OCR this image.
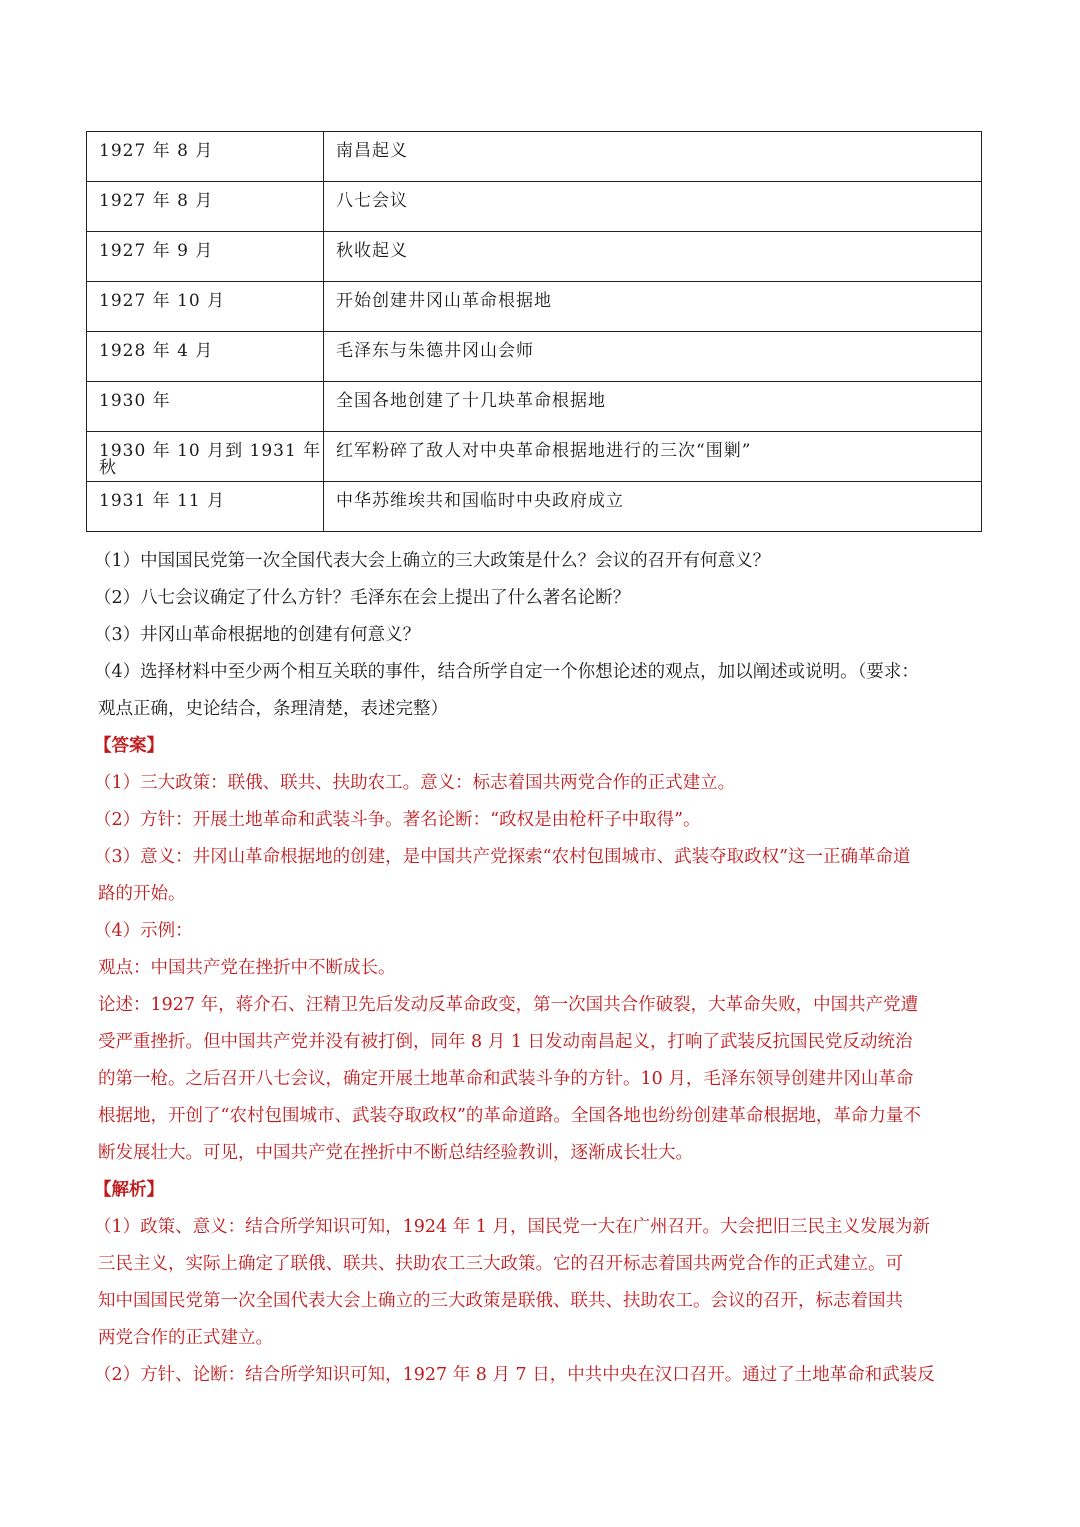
1927 年 8 月	南昌起义

1927 年 8 月	八七会议

1927 年 9 月	秋收起义

1927 年 10 月	开始创建井冈山革命根据地

1928 年 4 月	毛泽东与朱德井冈山会师

1930 年	全国各地创建了十几块革命根据地

1930 年 10 月到 1931 年秋	红军粉碎了敌人对中央革命根据地进行的三次“围剿”

1931 年 11 月	中华苏维埃共和国临时中央政府成立

（1）中国国民党第一次全国代表大会上确立的三大政策是什么？会议的召开有何意义？

（2）八七会议确定了什么方针？毛泽东在会上提出了什么著名论断？

（3）井冈山革命根据地的创建有何意义？

（4）选择材料中至少两个相互关联的事件，结合所学自定一个你想论述的观点，加以阐述或说明。（要求：

观点正确，史论结合，条理清楚，表述完整）

【答案】

（1）三大政策：联俄、联共、扶助农工。意义：标志着国共两党合作的正式建立。

（2）方针：开展土地革命和武装斗争。著名论断：“政权是由枪杆子中取得”。

（3）意义：井冈山革命根据地的创建，是中国共产党探索“农村包围城市、武装夺取政权”这一正确革命道

路的开始。

（4）示例：

观点：中国共产党在挫折中不断成长。

论述：1927 年，蒋介石、汪精卫先后发动反革命政变，第一次国共合作破裂，大革命失败，中国共产党遭

受严重挫折。但中国共产党并没有被打倒，同年 8 月 1 日发动南昌起义，打响了武装反抗国民党反动统治

的第一枪。之后召开八七会议，确定开展土地革命和武装斗争的方针。10 月，毛泽东领导创建井冈山革命

根据地，开创了“农村包围城市、武装夺取政权”的革命道路。全国各地也纷纷创建革命根据地，革命力量不

断发展壮大。可见，中国共产党在挫折中不断总结经验教训，逐渐成长壮大。

【解析】

（1）政策、意义：结合所学知识可知，1924 年 1 月，国民党一大在广州召开。大会把旧三民主义发展为新

三民主义，实际上确定了联俄、联共、扶助农工三大政策。它的召开标志着国共两党合作的正式建立。可

知中国国民党第一次全国代表大会上确立的三大政策是联俄、联共、扶助农工。会议的召开，标志着国共

两党合作的正式建立。

（2）方针、论断：结合所学知识可知，1927 年 8 月 7 日，中共中央在汉口召开。通过了土地革命和武装反
